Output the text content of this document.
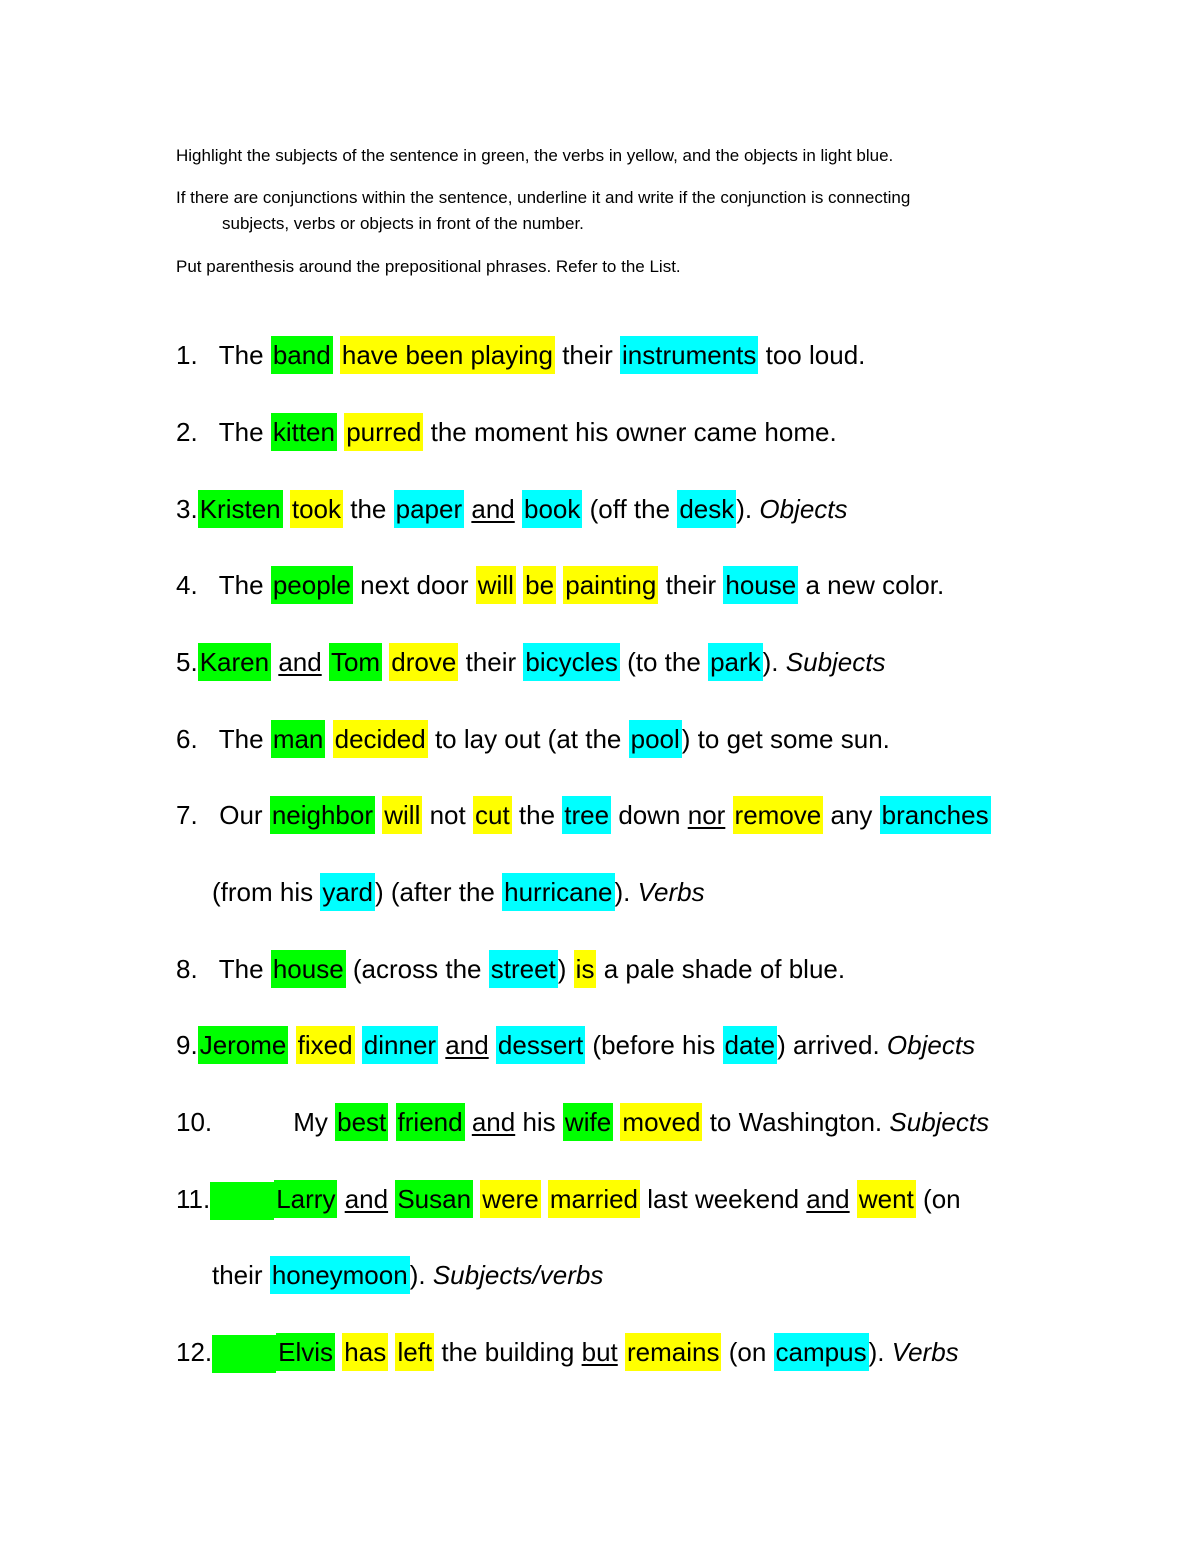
Highlight the subjects of the sentence in green, the verbs in yellow, and the objects in light blue.

If there are conjunctions within the sentence, underline it and write if the conjunction is connecting
subjects, verbs or objects in front of the number.

Put parenthesis around the prepositional phrases. Refer to the List.

1. The band have been playing their instruments too loud.

2. The kitten purred the moment his owner came home.

3.Kristen took the paper and book (off the desk). Objects

4. The people next door will be painting their house a new color.

5.Karen and Tom drove their bicycles (to the park). Subjects

6. The man decided to lay out (at the pool) to get some sun.

7. Our neighbor will not cut the tree down nor remove any branches

(from his yard) (after the hurricane). Verbs

8. The house (across the street) is a pale shade of blue.

9.Jerome fixed dinner and dessert (before his date) arrived. Objects

10.	My best friend and his wife moved to Washington. Subjects

11.	Larry and Susan were married last weekend and went (on

their honeymoon). Subjects/verbs

12.	Elvis has left the building but remains (on campus). Verbs
